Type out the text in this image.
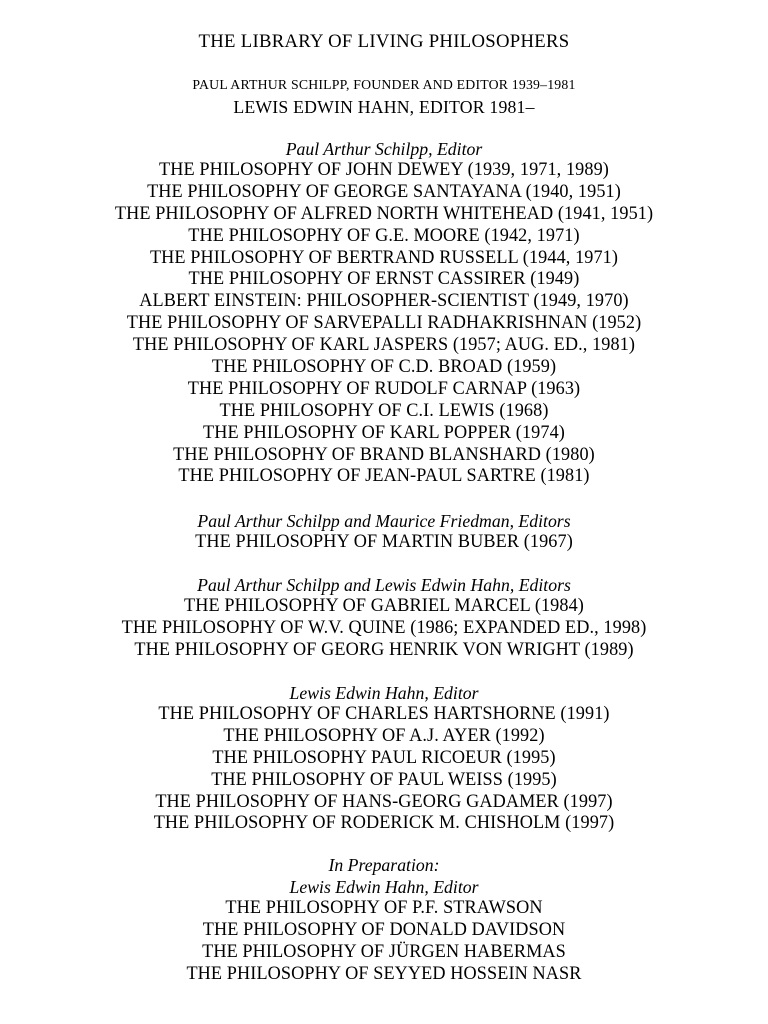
THE LIBRARY OF LIVING PHILOSOPHERS
PAUL ARTHUR SCHILPP, FOUNDER AND EDITOR 1939–1981
LEWIS EDWIN HAHN, EDITOR 1981–
Paul Arthur Schilpp, Editor
THE PHILOSOPHY OF JOHN DEWEY (1939, 1971, 1989)
THE PHILOSOPHY OF GEORGE SANTAYANA (1940, 1951)
THE PHILOSOPHY OF ALFRED NORTH WHITEHEAD (1941, 1951)
THE PHILOSOPHY OF G.E. MOORE (1942, 1971)
THE PHILOSOPHY OF BERTRAND RUSSELL (1944, 1971)
THE PHILOSOPHY OF ERNST CASSIRER (1949)
ALBERT EINSTEIN: PHILOSOPHER-SCIENTIST (1949, 1970)
THE PHILOSOPHY OF SARVEPALLI RADHAKRISHNAN (1952)
THE PHILOSOPHY OF KARL JASPERS (1957; AUG. ED., 1981)
THE PHILOSOPHY OF C.D. BROAD (1959)
THE PHILOSOPHY OF RUDOLF CARNAP (1963)
THE PHILOSOPHY OF C.I. LEWIS (1968)
THE PHILOSOPHY OF KARL POPPER (1974)
THE PHILOSOPHY OF BRAND BLANSHARD (1980)
THE PHILOSOPHY OF JEAN-PAUL SARTRE (1981)
Paul Arthur Schilpp and Maurice Friedman, Editors
THE PHILOSOPHY OF MARTIN BUBER (1967)
Paul Arthur Schilpp and Lewis Edwin Hahn, Editors
THE PHILOSOPHY OF GABRIEL MARCEL (1984)
THE PHILOSOPHY OF W.V. QUINE (1986; EXPANDED ED., 1998)
THE PHILOSOPHY OF GEORG HENRIK VON WRIGHT (1989)
Lewis Edwin Hahn, Editor
THE PHILOSOPHY OF CHARLES HARTSHORNE (1991)
THE PHILOSOPHY OF A.J. AYER (1992)
THE PHILOSOPHY PAUL RICOEUR (1995)
THE PHILOSOPHY OF PAUL WEISS (1995)
THE PHILOSOPHY OF HANS-GEORG GADAMER (1997)
THE PHILOSOPHY OF RODERICK M. CHISHOLM (1997)
In Preparation:
Lewis Edwin Hahn, Editor
THE PHILOSOPHY OF P.F. STRAWSON
THE PHILOSOPHY OF DONALD DAVIDSON
THE PHILOSOPHY OF JÜRGEN HABERMAS
THE PHILOSOPHY OF SEYYED HOSSEIN NASR
